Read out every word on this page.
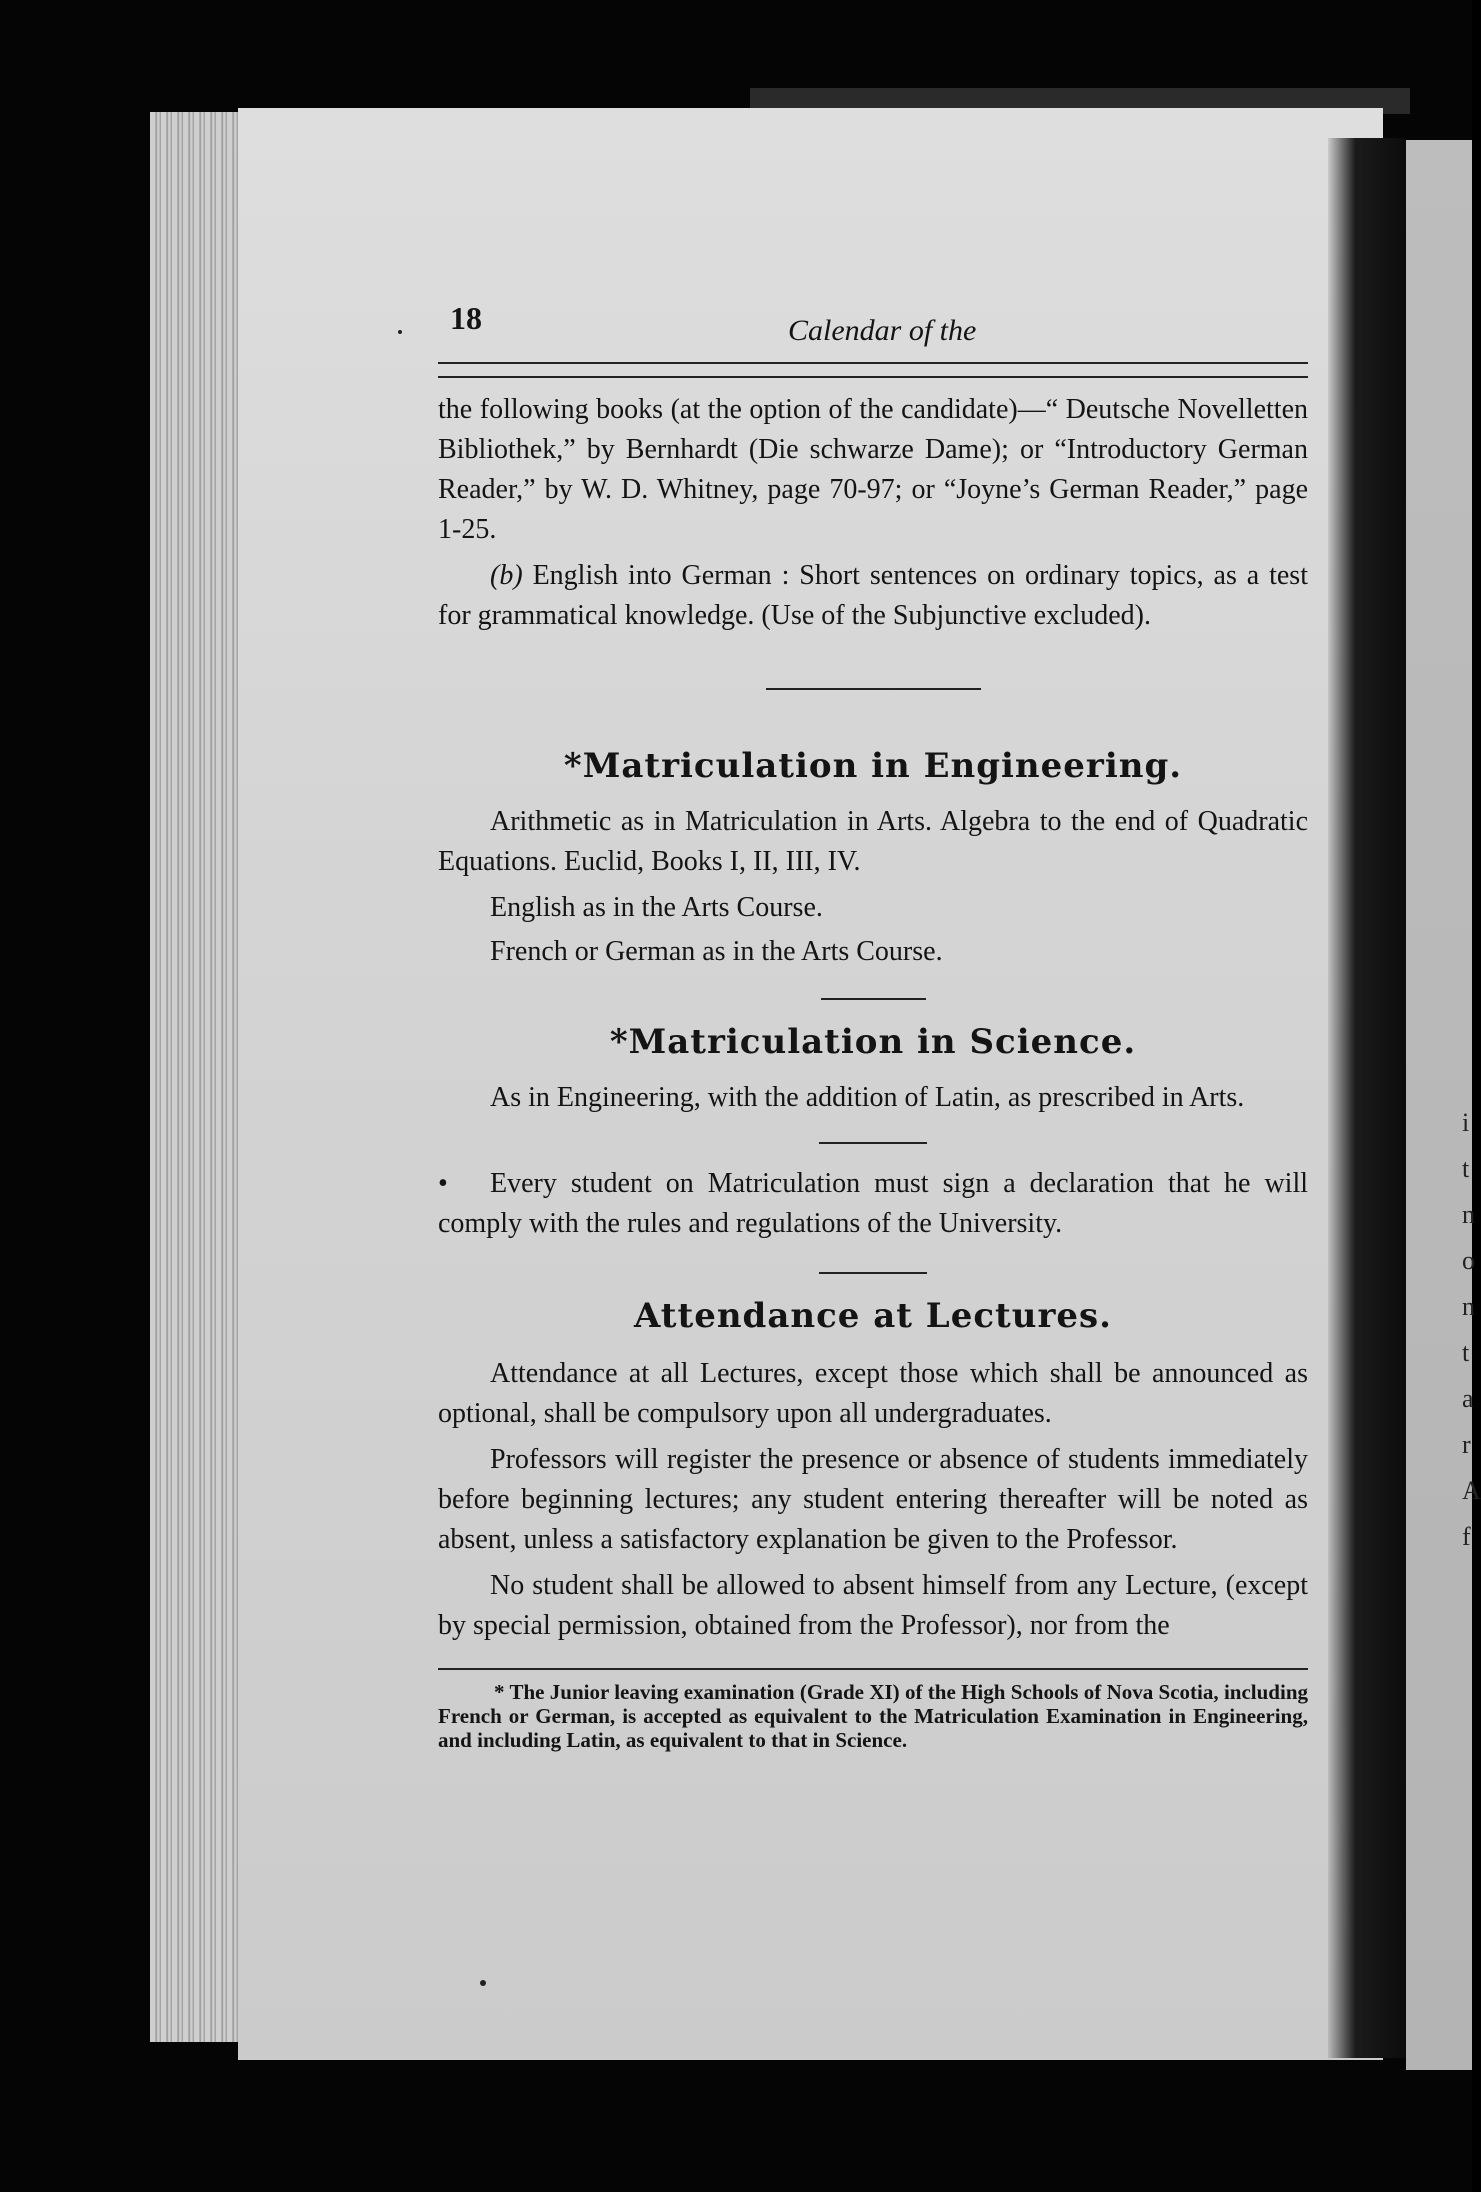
i
t
n
o
n
t
a
r
A
f
18	Calendar of the

the following books (at the option of the candidate)—“ Deutsche Novelletten Bibliothek,” by Bernhardt (Die schwarze Dame); or “Introductory German Reader,” by W. D. Whitney, page 70-97; or “Joyne’s German Reader,” page 1-25.

(b) English into German : Short sentences on ordinary topics, as a test for grammatical knowledge. (Use of the Subjunctive excluded).

*Matriculation in Engineering.

Arithmetic as in Matriculation in Arts. Algebra to the end of Quadratic Equations. Euclid, Books I, II, III, IV.

English as in the Arts Course.

French or German as in the Arts Course.

*Matriculation in Science.

As in Engineering, with the addition of Latin, as prescribed in Arts.

• Every student on Matriculation must sign a declaration that he will comply with the rules and regulations of the University.

Attendance at Lectures.

Attendance at all Lectures, except those which shall be announced as optional, shall be compulsory upon all undergraduates.

Professors will register the presence or absence of students immediately before beginning lectures; any student entering thereafter will be noted as absent, unless a satisfactory explanation be given to the Professor.

No student shall be allowed to absent himself from any Lecture, (except by special permission, obtained from the Professor), nor from the

* The Junior leaving examination (Grade XI) of the High Schools of Nova Scotia, including French or German, is accepted as equivalent to the Matriculation Examination in Engineering, and including Latin, as equivalent to that in Science.
